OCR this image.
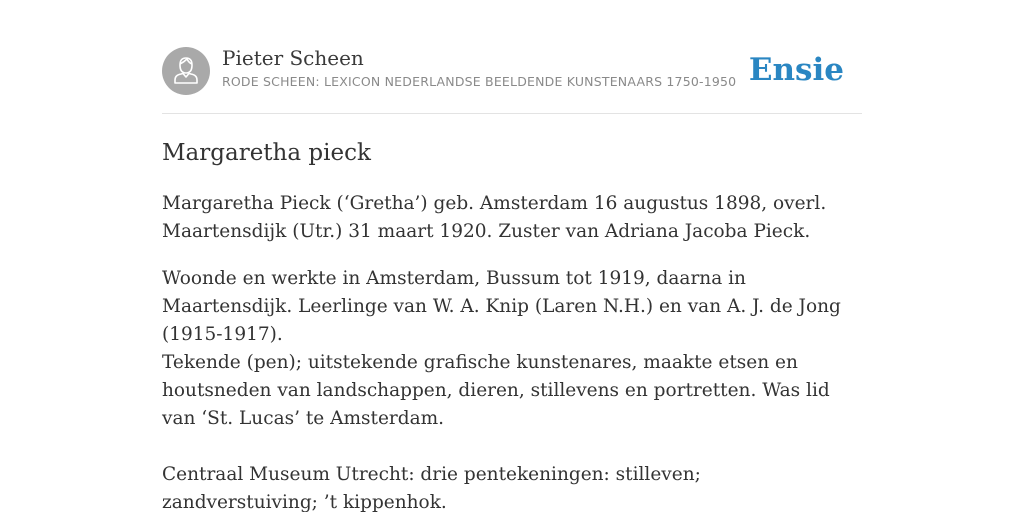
Pieter Scheen
RODE SCHEEN: LEXICON NEDERLANDSE BEELDENDE KUNSTENAARS 1750-1950 Ensie
Margaretha pieck

Margaretha Pieck (‘Gretha’) geb. Amsterdam 16 augustus 1898, overl. Maartensdijk (Utr.) 31 maart 1920. Zuster van Adriana Jacoba Pieck.

Woonde en werkte in Amsterdam, Bussum tot 1919, daarna in Maartensdijk. Leerlinge van W. A. Knip (Laren N.H.) en van A. J. de Jong (1915-1917).

Tekende (pen); uitstekende grafische kunstenares, maakte etsen en houtsneden van landschappen, dieren, stillevens en portretten. Was lid van ‘St. Lucas’ te Amsterdam.

Centraal Museum Utrecht: drie pentekeningen: stilleven; zandverstuiving; ’t kippenhok.
